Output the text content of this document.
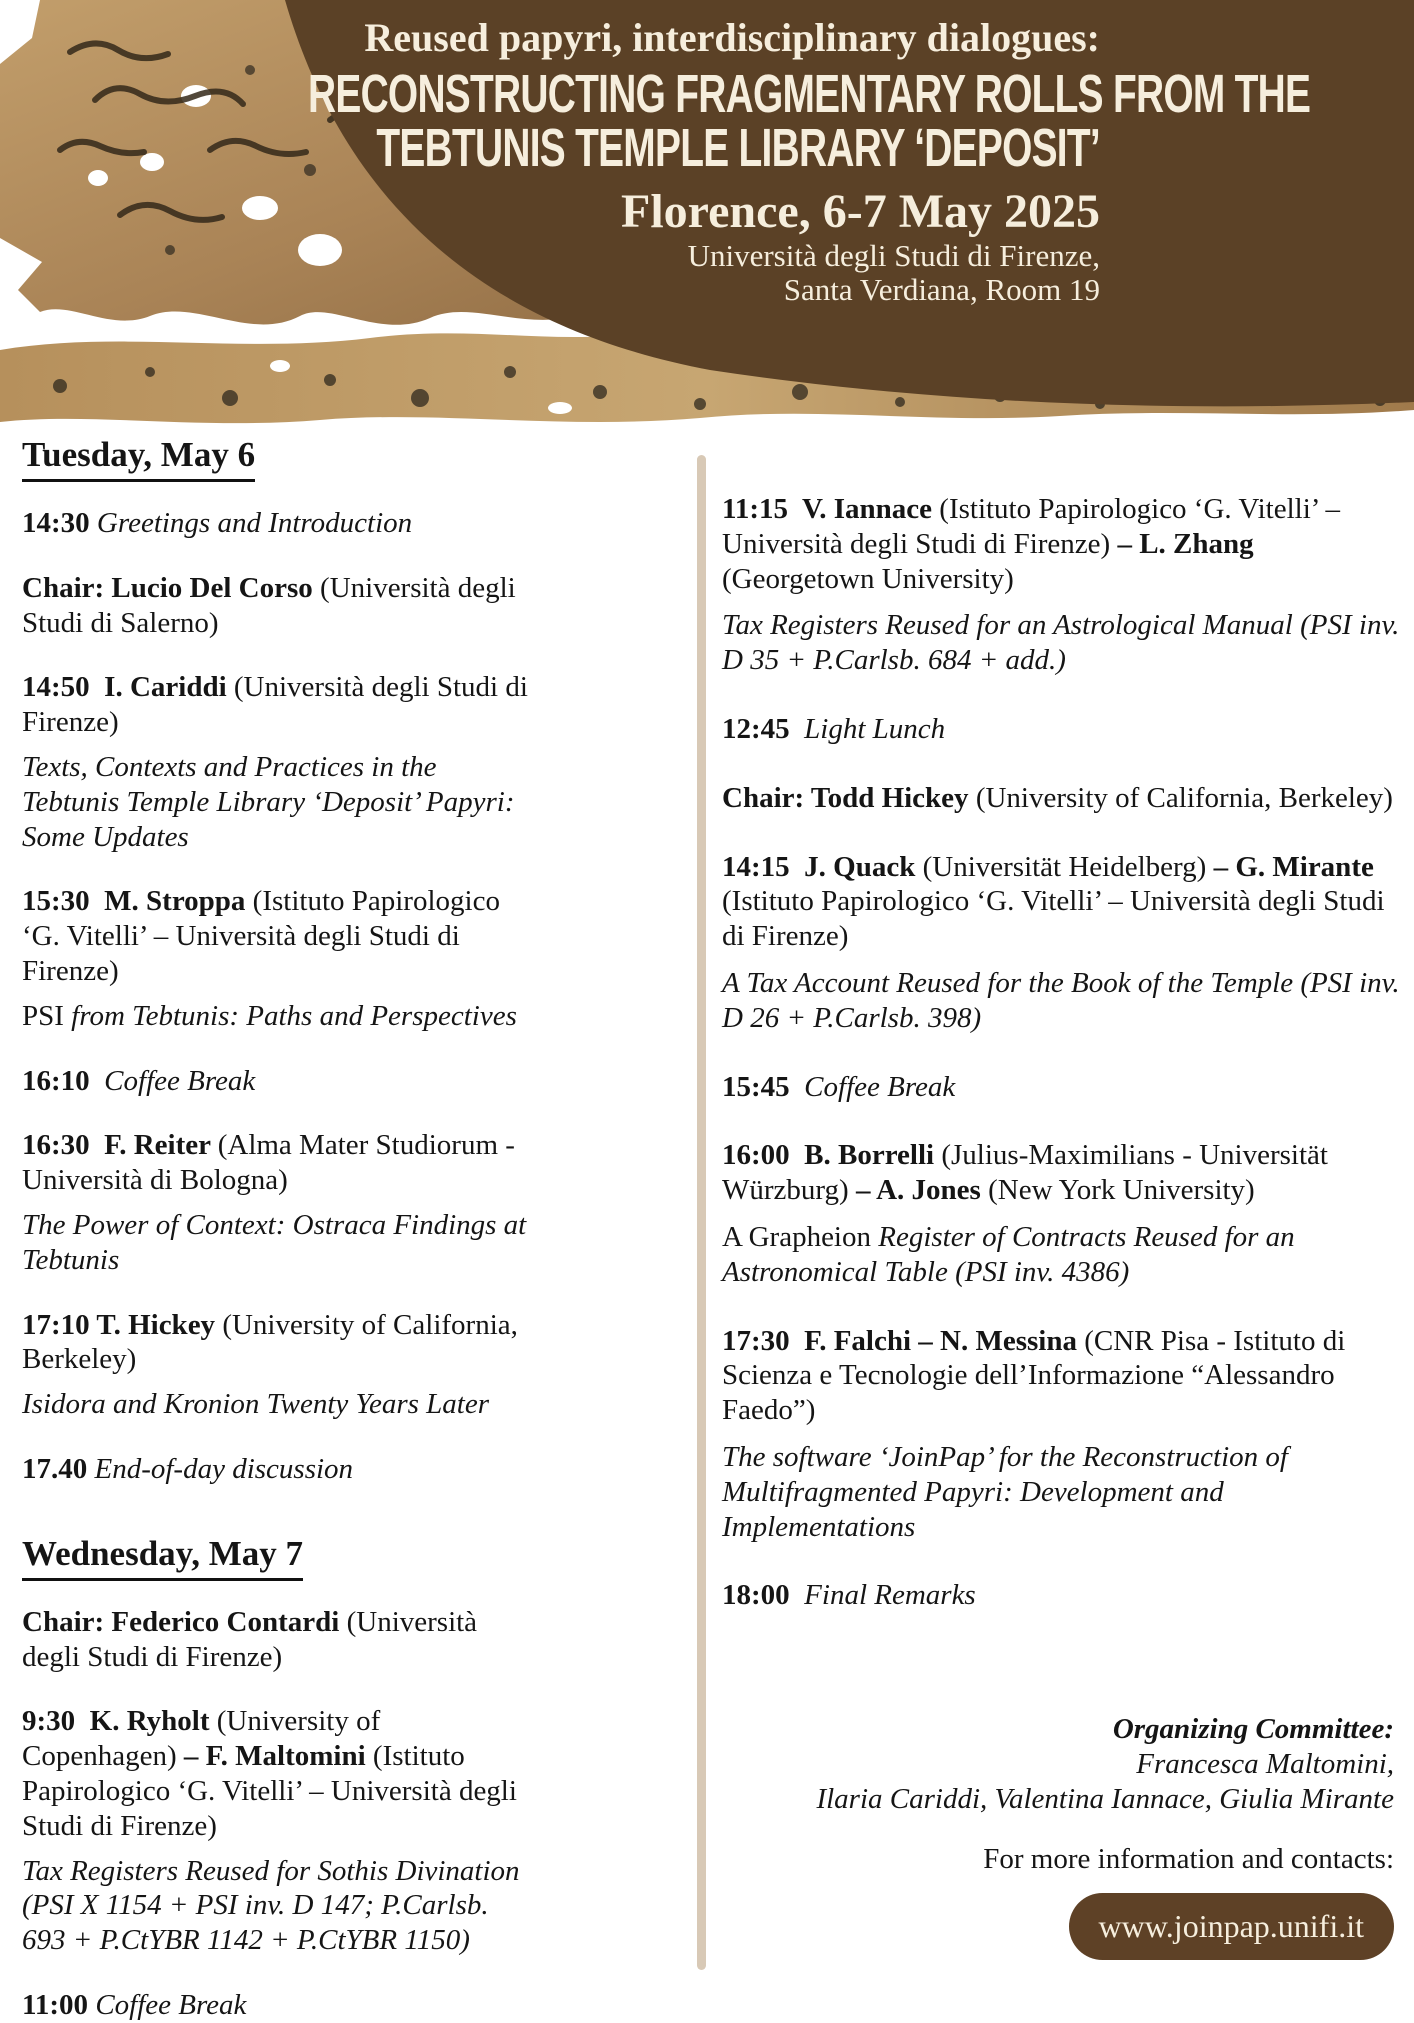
Reused papyri, interdisciplinary dialogues:
RECONSTRUCTING FRAGMENTARY ROLLS FROM THE
TEBTUNIS TEMPLE LIBRARY ‘DEPOSIT’
Florence, 6-7 May 2025
Università degli Studi di Firenze,
Santa Verdiana, Room 19

Tuesday, May 6

14:30 Greetings and Introduction

Chair: Lucio Del Corso (Università degli Studi di Salerno)

14:50  I. Cariddi (Università degli Studi di Firenze)

Texts, Contexts and Practices in the Tebtunis Temple Library ‘Deposit’ Papyri: Some Updates

15:30  M. Stroppa (Istituto Papirologico ‘G. Vitelli’ – Università degli Studi di Firenze)

PSI from Tebtunis: Paths and Perspectives

16:10  Coffee Break

16:30  F. Reiter (Alma Mater Studiorum - Università di Bologna)

The Power of Context: Ostraca Findings at Tebtunis

17:10 T. Hickey (University of California, Berkeley)

Isidora and Kronion Twenty Years Later

17.40 End-of-day discussion

Wednesday, May 7

Chair: Federico Contardi (Università degli Studi di Firenze)

9:30  K. Ryholt (University of Copenhagen) – F. Maltomini (Istituto Papirologico ‘G. Vitelli’ – Università degli Studi di Firenze)

Tax Registers Reused for Sothis Divination (PSI X 1154 + PSI inv. D 147; P.Carlsb. 693 + P.CtYBR 1142 + P.CtYBR 1150)

11:00 Coffee Break

11:15  V. Iannace (Istituto Papirologico ‘G. Vitelli’ – Università degli Studi di Firenze) – L. Zhang (Georgetown University)

Tax Registers Reused for an Astrological Manual (PSI inv. D 35 + P.Carlsb. 684 + add.)

12:45  Light Lunch

Chair: Todd Hickey (University of California, Berkeley)

14:15  J. Quack (Universität Heidelberg) – G. Mirante (Istituto Papirologico ‘G. Vitelli’ – Università degli Studi di Firenze)

A Tax Account Reused for the Book of the Temple (PSI inv. D 26 + P.Carlsb. 398)

15:45  Coffee Break

16:00  B. Borrelli (Julius-Maximilians - Universität Würzburg) – A. Jones (New York University)

A Grapheion Register of Contracts Reused for an Astronomical Table (PSI inv. 4386)

17:30  F. Falchi – N. Messina (CNR Pisa - Istituto di Scienza e Tecnologie dell’Informazione “Alessandro Faedo”)

The software ‘JoinPap’ for the Reconstruction of Multifragmented Papyri: Development and Implementations

18:00  Final Remarks

Organizing Committee:
Francesca Maltomini,
Ilaria Cariddi, Valentina Iannace, Giulia Mirante
For more information and contacts:
www.joinpap.unifi.it
